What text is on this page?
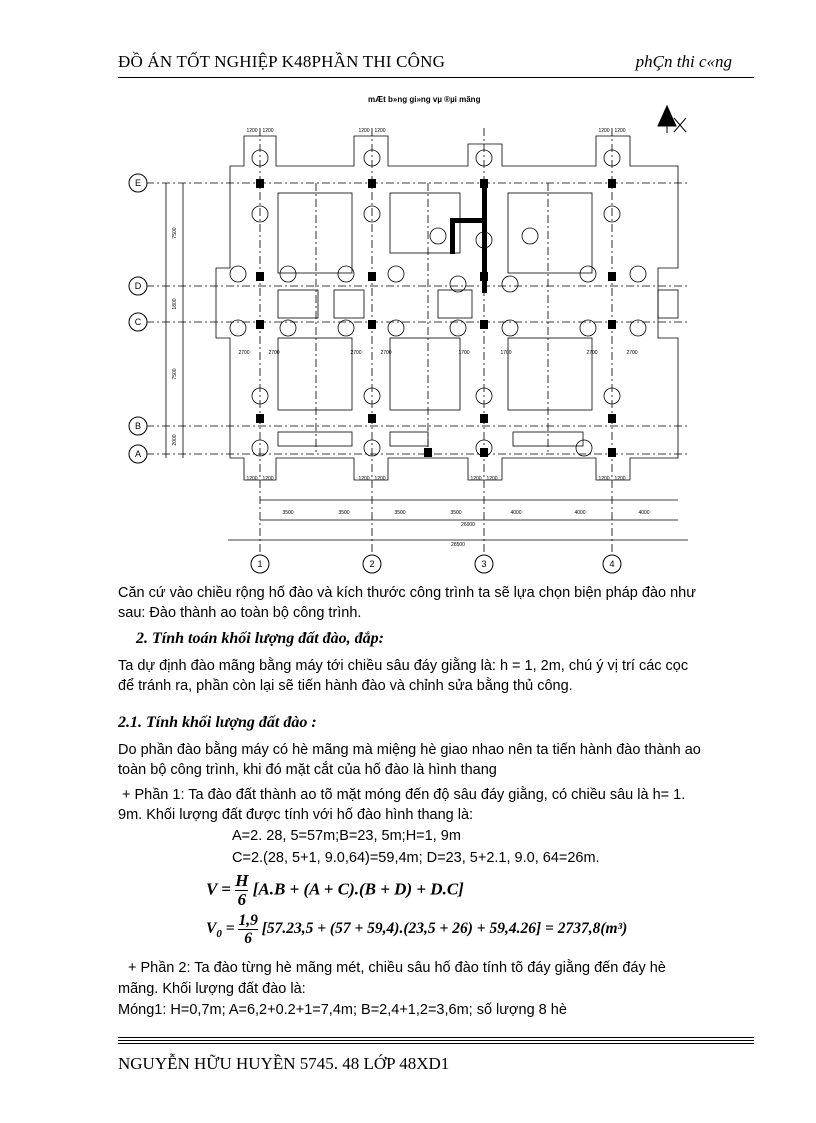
ĐỒ ÁN TỐT NGHIỆP K48PHẦN THI CÔNG	phÇn thi c«ng
mÆt b»ng gi»ng vµ ®µi mãng
E
D
C
B
A
1	2	3	4
1200 1200	1200 1200	1200 1200
2700	2700	2700	2700	1700	1700	2700	2700
1200 1200	1200 1200	1200 1200	1200 1200
3500	3500	3500	3500	4000	4000	4000
26000
28500
7500
1800
7500
2000
Căn cứ vào chiều rộng hố đào và kích thước công trình ta sẽ lựa chọn biện pháp đào như
sau: Đào thành ao toàn bộ công trình.
2. Tính toán khối lượng đất đào, đắp:
Ta dự định đào mãng bằng máy tới chiều sâu đáy giằng là: h = 1, 2m, chú ý vị trí các cọc
để tránh ra, phần còn lại sẽ tiến hành đào và chỉnh sửa bằng thủ công.
2.1. Tính khối lượng đất đào :
Do phần đào bằng máy có hè mãng mà miệng hè giao nhao nên ta tiến hành đào thành ao
toàn bộ công trình, khi đó mặt cắt của hố đào là hình thang
+ Phần 1: Ta đào đất thành ao tõ mặt móng đến độ sâu đáy giằng, có chiều sâu là h= 1.
9m. Khối lượng đất được tính với hố đào hình thang là:
A=2. 28, 5=57m;B=23, 5m;H=1, 9m
C=2.(28, 5+1, 9.0,64)=59,4m; D=23, 5+2.1, 9.0, 64=26m.
$V = \frac{H}{6} [A.B + (A + C).(B + D) + D.C]$
$V_0 = \frac{1,9}{6} [57.23,5 + (57 + 59,4).(23,5 + 26) + 59,4.26] = 2737,8(m^3)$
+ Phần 2: Ta đào từng hè mãng mét, chiều sâu hố đào tính tõ đáy giằng đến đáy hè
mãng. Khối lượng đất đào là:
Móng1: H=0,7m; A=6,2+0.2+1=7,4m; B=2,4+1,2=3,6m; số lượng 8 hè
NGUYỄN HỮU HUYỀN 5745. 48 LỚP 48XD1
